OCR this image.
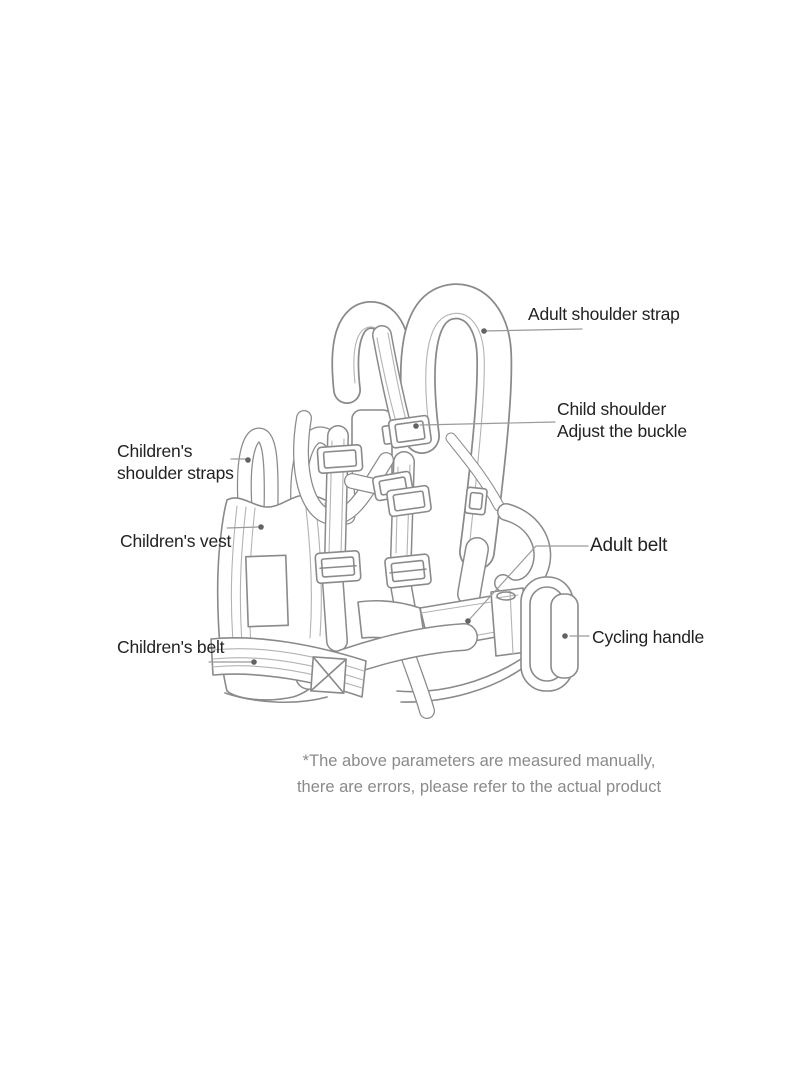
Adult shoulder strap
Child shoulder
Adjust the buckle
Children's
shoulder straps
Children's vest
Children's belt
Adult belt
Cycling handle
*The above parameters are measured manually,
there are errors, please refer to the actual product
